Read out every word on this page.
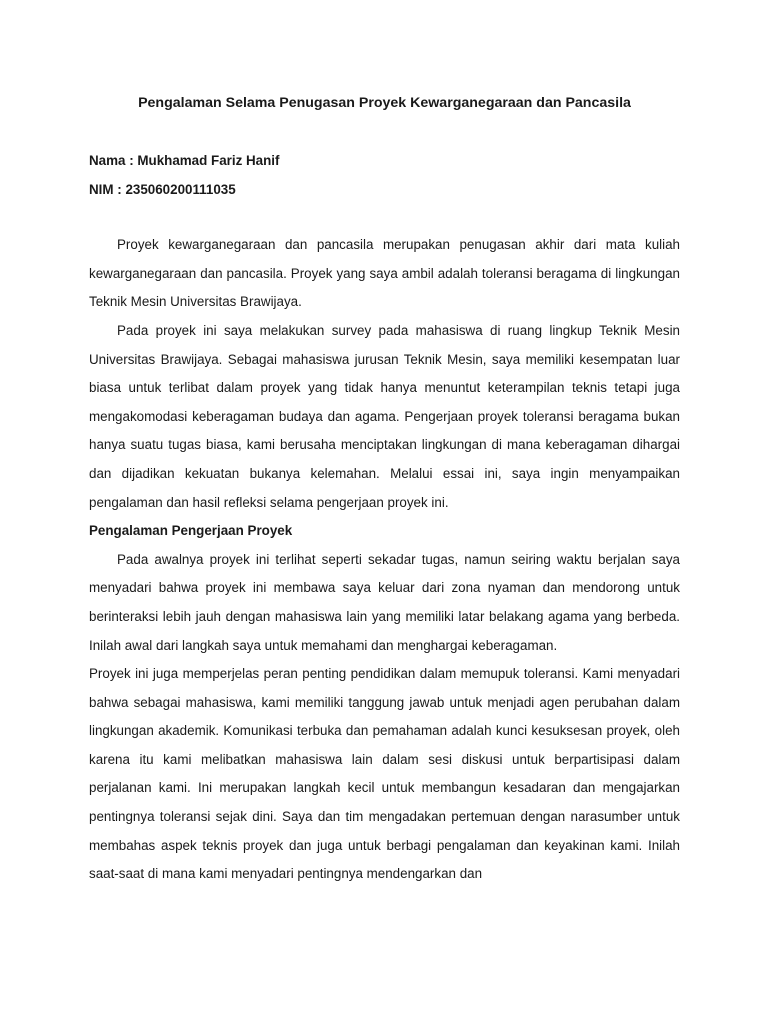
Pengalaman Selama Penugasan Proyek Kewarganegaraan dan Pancasila

Nama : Mukhamad Fariz Hanif

NIM : 235060200111035

Proyek kewarganegaraan dan pancasila merupakan penugasan akhir dari mata kuliah kewarganegaraan dan pancasila. Proyek yang saya ambil adalah toleransi beragama di lingkungan Teknik Mesin Universitas Brawijaya.

Pada proyek ini saya melakukan survey pada mahasiswa di ruang lingkup Teknik Mesin Universitas Brawijaya. Sebagai mahasiswa jurusan Teknik Mesin, saya memiliki kesempatan luar biasa untuk terlibat dalam proyek yang tidak hanya menuntut keterampilan teknis tetapi juga mengakomodasi keberagaman budaya dan agama. Pengerjaan proyek toleransi beragama bukan hanya suatu tugas biasa, kami berusaha menciptakan lingkungan di mana keberagaman dihargai dan dijadikan kekuatan bukanya kelemahan. Melalui essai ini, saya ingin menyampaikan pengalaman dan hasil refleksi selama pengerjaan proyek ini.

Pengalaman Pengerjaan Proyek

Pada awalnya proyek ini terlihat seperti sekadar tugas, namun seiring waktu berjalan saya menyadari bahwa proyek ini membawa saya keluar dari zona nyaman dan mendorong untuk berinteraksi lebih jauh dengan mahasiswa lain yang memiliki latar belakang agama yang berbeda. Inilah awal dari langkah saya untuk memahami dan menghargai keberagaman.

Proyek ini juga memperjelas peran penting pendidikan dalam memupuk toleransi. Kami menyadari bahwa sebagai mahasiswa, kami memiliki tanggung jawab untuk menjadi agen perubahan dalam lingkungan akademik. Komunikasi terbuka dan pemahaman adalah kunci kesuksesan proyek, oleh karena itu kami melibatkan mahasiswa lain dalam sesi diskusi untuk berpartisipasi dalam perjalanan kami. Ini merupakan langkah kecil untuk membangun kesadaran dan mengajarkan pentingnya toleransi sejak dini. Saya dan tim mengadakan pertemuan dengan narasumber untuk membahas aspek teknis proyek dan juga untuk berbagi pengalaman dan keyakinan kami. Inilah saat-saat di mana kami menyadari pentingnya mendengarkan dan
